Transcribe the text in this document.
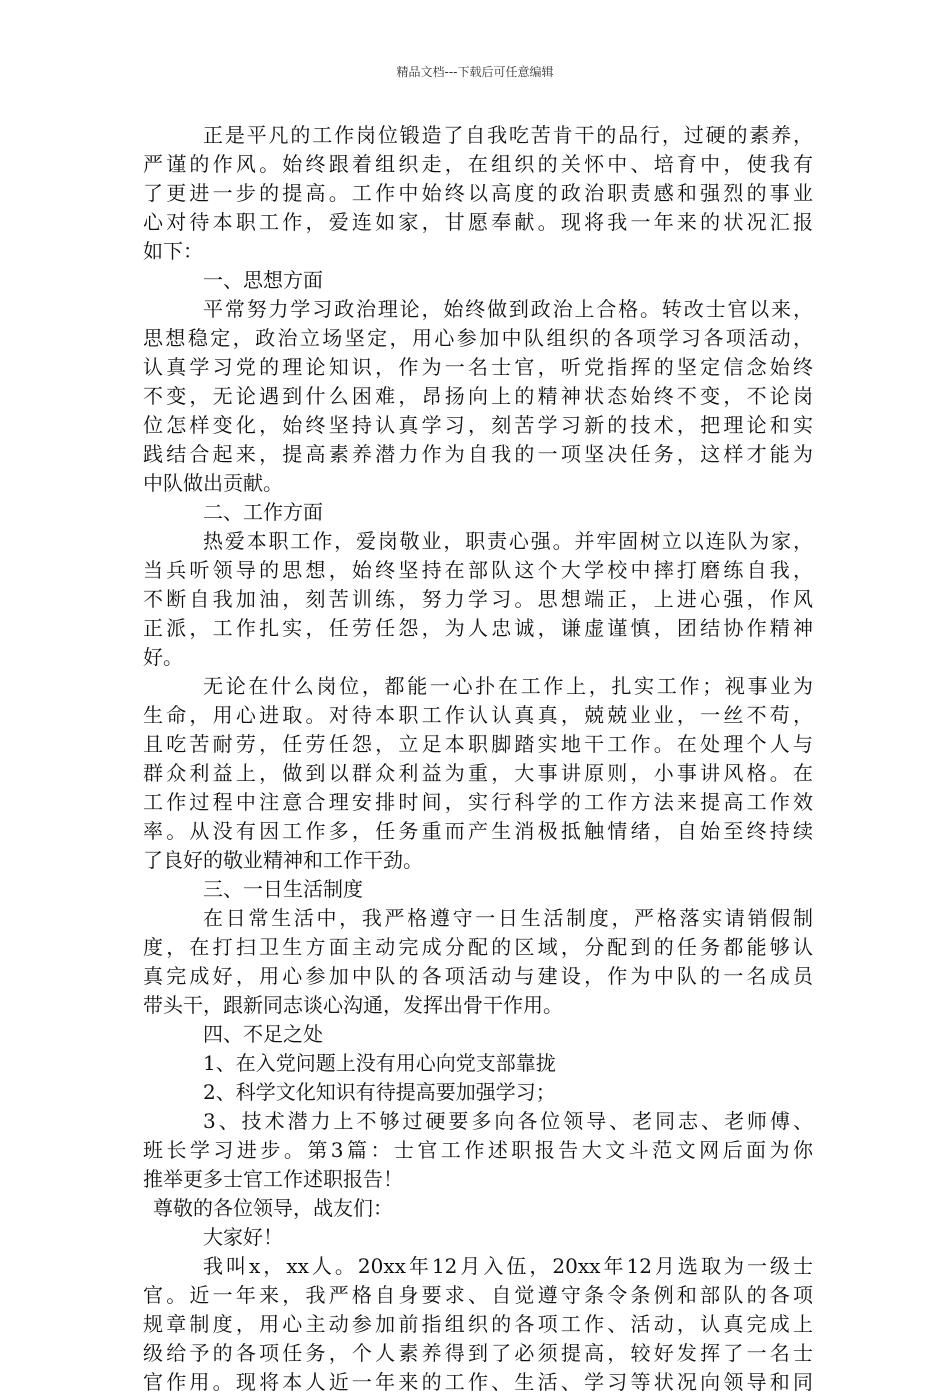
精品文档---下载后可任意编辑
正是平凡的工作岗位锻造了自我吃苦肯干的品行，过硬的素养，
严谨的作风。始终跟着组织走，在组织的关怀中、培育中，使我有
了更进一步的提高。工作中始终以高度的政治职责感和强烈的事业
心对待本职工作，爱连如家，甘愿奉献。现将我一年来的状况汇报
如下：
一、思想方面
平常努力学习政治理论，始终做到政治上合格。转改士官以来，
思想稳定，政治立场坚定，用心参加中队组织的各项学习各项活动，
认真学习党的理论知识，作为一名士官，听党指挥的坚定信念始终
不变，无论遇到什么困难，昂扬向上的精神状态始终不变，不论岗
位怎样变化，始终坚持认真学习，刻苦学习新的技术，把理论和实
践结合起来，提高素养潜力作为自我的一项坚决任务，这样才能为
中队做出贡献。
二、工作方面
热爱本职工作，爱岗敬业，职责心强。并牢固树立以连队为家，
当兵听领导的思想，始终坚持在部队这个大学校中摔打磨练自我，
不断自我加油，刻苦训练，努力学习。思想端正，上进心强，作风
正派，工作扎实，任劳任怨，为人忠诚，谦虚谨慎，团结协作精神
好。
无论在什么岗位，都能一心扑在工作上，扎实工作；视事业为
生命，用心进取。对待本职工作认认真真，兢兢业业，一丝不苟，
且吃苦耐劳，任劳任怨，立足本职脚踏实地干工作。在处理个人与
群众利益上，做到以群众利益为重，大事讲原则，小事讲风格。在
工作过程中注意合理安排时间，实行科学的工作方法来提高工作效
率。从没有因工作多，任务重而产生消极抵触情绪，自始至终持续
了良好的敬业精神和工作干劲。
三、一日生活制度
在日常生活中，我严格遵守一日生活制度，严格落实请销假制
度，在打扫卫生方面主动完成分配的区域，分配到的任务都能够认
真完成好，用心参加中队的各项活动与建设，作为中队的一名成员
带头干，跟新同志谈心沟通，发挥出骨干作用。
四、不足之处
1、在入党问题上没有用心向党支部靠拢
2、科学文化知识有待提高要加强学习；
3、技术潜力上不够过硬要多向各位领导、老同志、老师傅、
班长学习进步。第3篇：士官工作述职报告大文斗范文网后面为你
推举更多士官工作述职报告！
尊敬的各位领导，战友们：
大家好！
我叫x，xx人。20xx年12月入伍，20xx年12月选取为一级士
官。近一年来，我严格自身要求、自觉遵守条令条例和部队的各项
规章制度，用心主动参加前指组织的各项工作、活动，认真完成上
级给予的各项任务，个人素养得到了必须提高，较好发挥了一名士
官作用。现将本人近一年来的工作、生活、学习等状况向领导和同
